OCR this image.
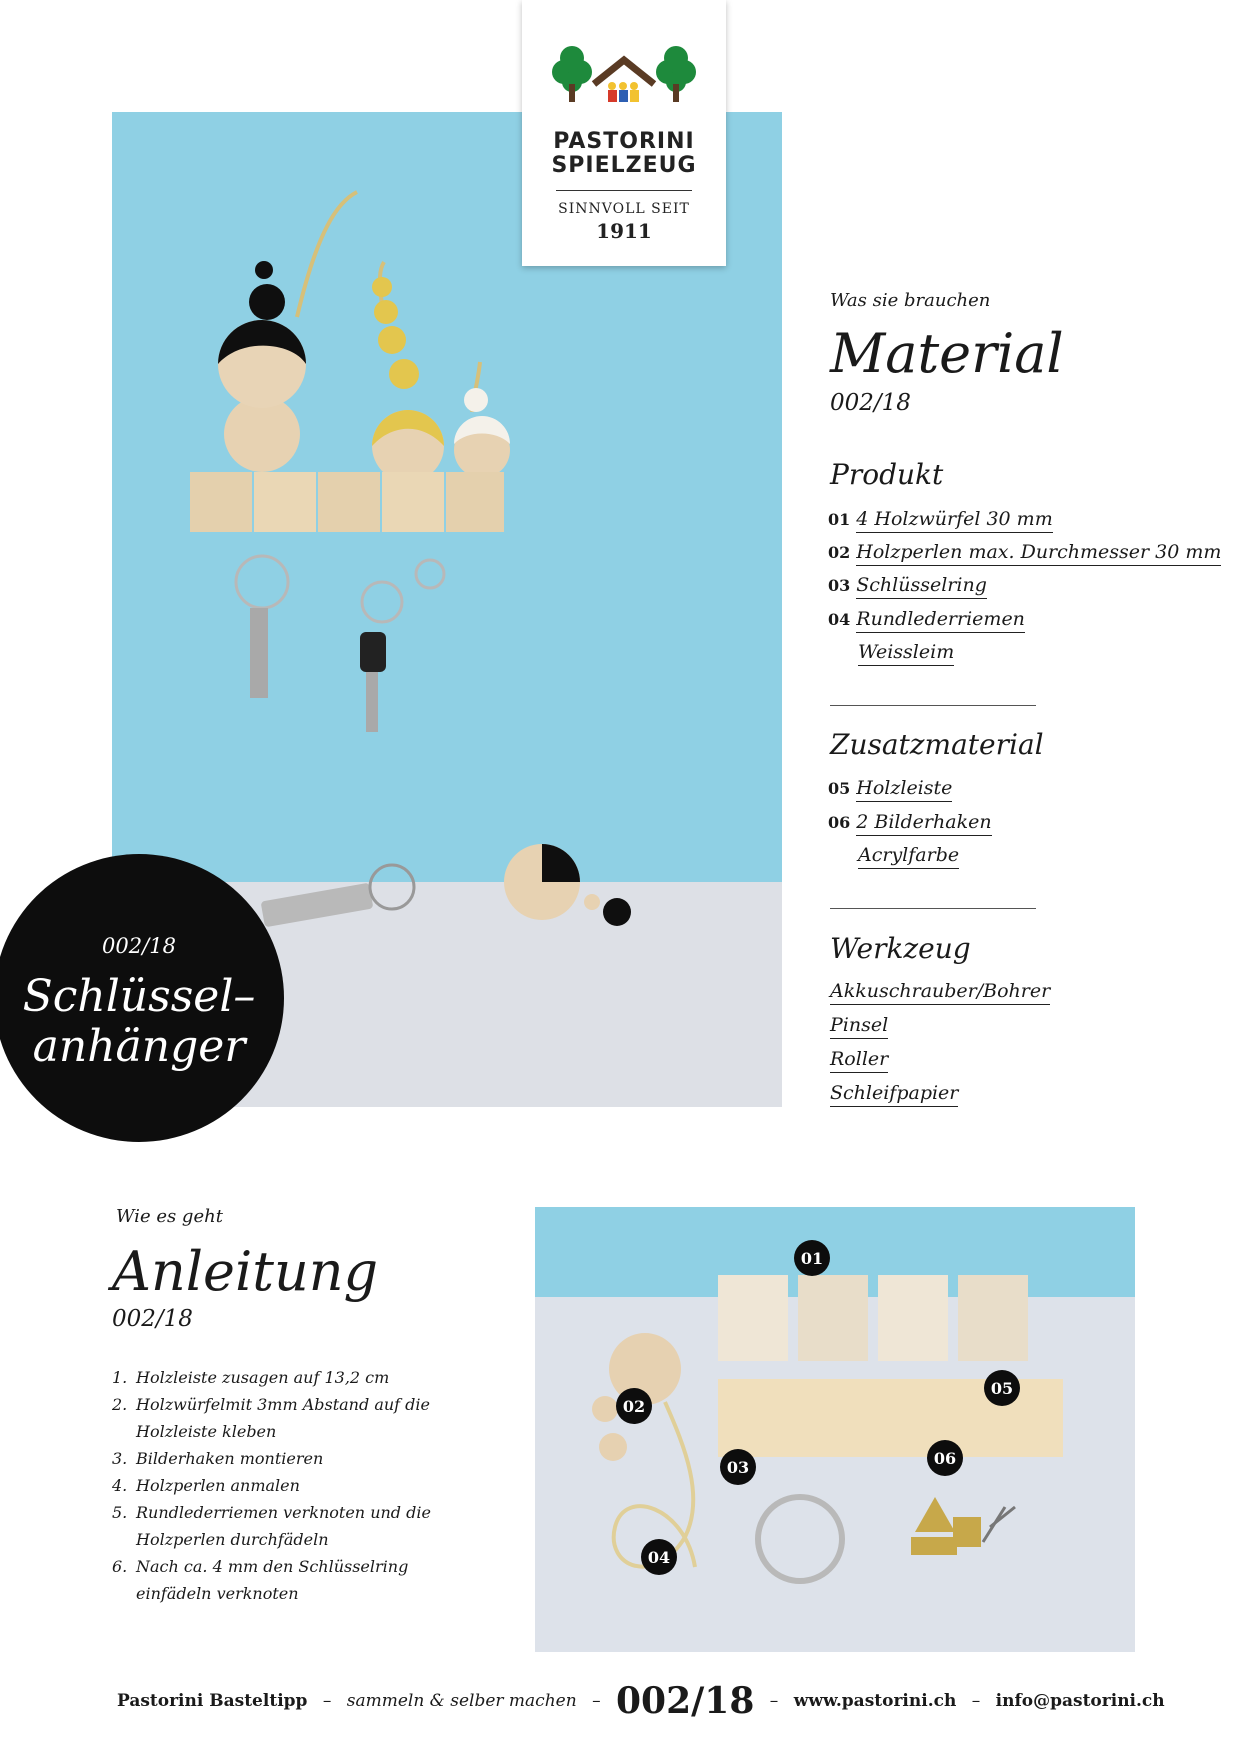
PASTORINI
SPIELZEUG
SINNVOLL SEIT
1911
002/18
Schlüssel–
anhänger
Was sie brauchen
Material
002/18
Produkt
01 4 Holzwürfel 30 mm
02 Holzperlen max. Durchmesser 30 mm
03 Schlüsselring
04 Rundlederriemen
Weissleim
Zusatzmaterial
05 Holzleiste
06 2 Bilderhaken
Acrylfarbe
Werkzeug
Akkuschrauber/Bohrer
Pinsel
Roller
Schleifpapier
Wie es geht
Anleitung
002/18
1. Holzleiste zusagen auf 13,2 cm
2. Holzwürfelmit 3mm Abstand auf die Holzleiste kleben
3. Bilderhaken montieren
4. Holzperlen anmalen
5. Rundlederriemen verknoten und die Holzperlen durchfädeln
6. Nach ca. 4 mm den Schlüsselring einfädeln verknoten
01
02
03
04
05
06
Pastorini Basteltipp – sammeln & selber machen – 002/18 – www.pastorini.ch – info@pastorini.ch
